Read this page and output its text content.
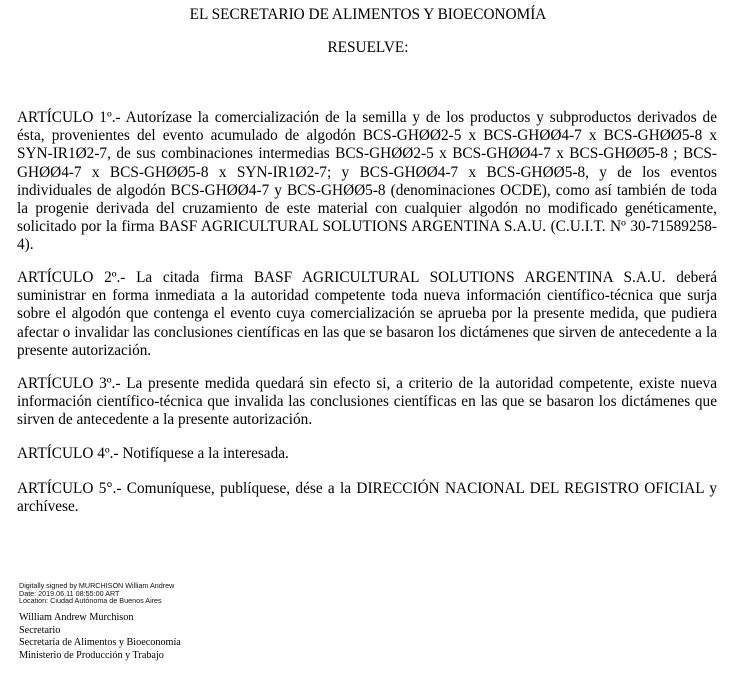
EL SECRETARIO DE ALIMENTOS Y BIOECONOMÍA
RESUELVE:

ARTÍCULO 1º.- Autorízase la comercialización de la semilla y de los productos y subproductos derivados de ésta, provenientes del evento acumulado de algodón BCS-GHØØ2-5 x BCS-GHØØ4-7 x BCS-GHØØ5-8 x SYN-IR1Ø2-7, de sus combinaciones intermedias BCS-GHØØ2-5 x BCS-GHØØ4-7 x BCS-GHØØ5-8 ; BCS-GHØØ4-7 x BCS-GHØØ5-8 x SYN-IR1Ø2-7; y BCS-GHØØ4-7 x BCS-GHØØ5-8, y de los eventos individuales de algodón BCS-GHØØ4-7 y BCS-GHØØ5-8 (denominaciones OCDE), como así también de toda la progenie derivada del cruzamiento de este material con cualquier algodón no modificado genéticamente, solicitado por la firma BASF AGRICULTURAL SOLUTIONS ARGENTINA S.A.U. (C.U.I.T. Nº 30-71589258-4).

ARTÍCULO 2º.- La citada firma BASF AGRICULTURAL SOLUTIONS ARGENTINA S.A.U. deberá suministrar en forma inmediata a la autoridad competente toda nueva información científico-técnica que surja sobre el algodón que contenga el evento cuya comercialización se aprueba por la presente medida, que pudiera afectar o invalidar las conclusiones científicas en las que se basaron los dictámenes que sirven de antecedente a la presente autorización.

ARTÍCULO 3º.- La presente medida quedará sin efecto si, a criterio de la autoridad competente, existe nueva información científico-técnica que invalida las conclusiones científicas en las que se basaron los dictámenes que sirven de antecedente a la presente autorización.

ARTÍCULO 4º.- Notifíquese a la interesada.

ARTÍCULO 5°.- Comuníquese, publíquese, dése a la DIRECCIÓN NACIONAL DEL REGISTRO OFICIAL y archívese.

Digitally signed by MURCHISON William Andrew
Date: 2019.06.11 08:55:00 ART
Location: Ciudad Autónoma de Buenos Aires
William Andrew Murchison
Secretario
Secretaría de Alimentos y Bioeconomía
Ministerio de Producción y Trabajo
